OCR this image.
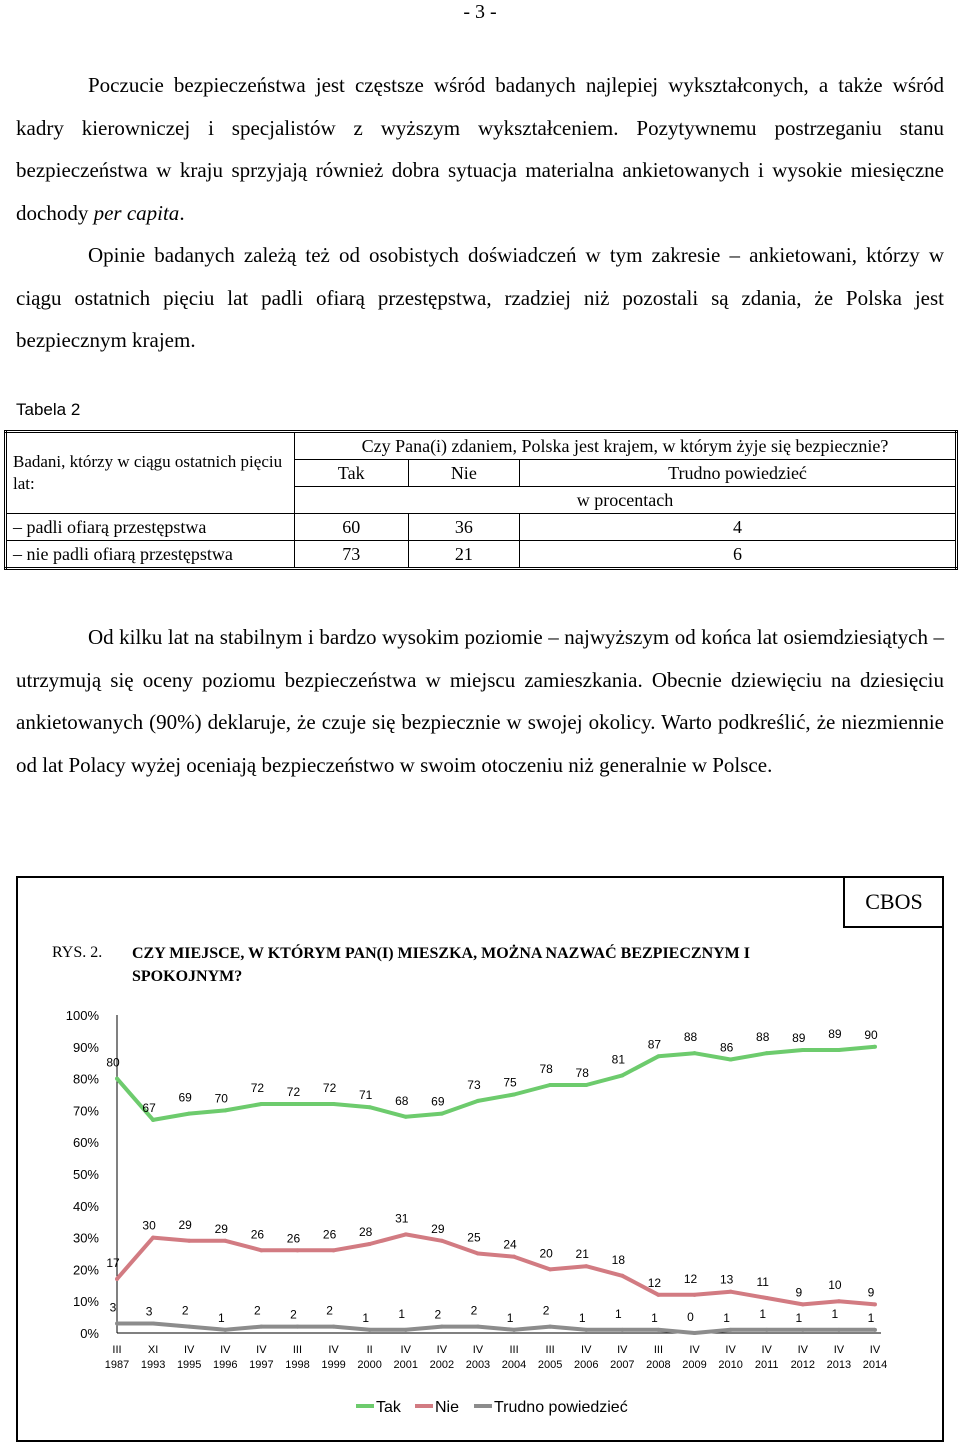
- 3 -

Poczucie bezpieczeństwa jest częstsze wśród badanych najlepiej wykształconych, a także wśród kadry kierowniczej i specjalistów z wyższym wykształceniem. Pozytywnemu postrzeganiu stanu bezpieczeństwa w kraju sprzyjają również dobra sytuacja materialna ankietowanych i wysokie miesięczne dochody per capita.

Opinie badanych zależą też od osobistych doświadczeń w tym zakresie – ankietowani, którzy w ciągu ostatnich pięciu lat padli ofiarą przestępstwa, rzadziej niż pozostali są zdania, że Polska jest bezpiecznym krajem.

Tabela 2
Badani, którzy w ciągu ostatnich pięciu lat:	Czy Pana(i) zdaniem, Polska jest krajem, w którym żyje się bezpiecznie?		
	Tak	Nie	Trudno powiedzieć
	w procentach		
– padli ofiarą przestępstwa	60	36	4
– nie padli ofiarą przestępstwa	73	21	6

Od kilku lat na stabilnym i bardzo wysokim poziomie – najwyższym od końca lat osiemdziesiątych – utrzymują się oceny poziomu bezpieczeństwa w miejscu zamieszkania. Obecnie dziewięciu na dziesięciu ankietowanych (90%) deklaruje, że czuje się bezpiecznie w swojej okolicy. Warto podkreślić, że niezmiennie od lat Polacy wyżej oceniają bezpieczeństwo w swoim otoczeniu niż generalnie w Polsce.

CBOS
RYS. 2. CZY MIEJSCE, W KTÓRYM PAN(I) MIESZKA, MOŻNA NAZWAĆ BEZPIECZNYM I SPOKOJNYM?
0%
10%
20%
30%
40%
50%
60%
70%
80%
90%
100%
III
1987
XI
1993
IV
1995
IV
1996
IV
1997
III
1998
IV
1999
II
2000
IV
2001
IV
2002
IV
2003
III
2004
III
2005
IV
2006
IV
2007
III
2008
IV
2009
IV
2010
IV
2011
IV
2012
IV
2013
IV
2014
80
67
69 70
72 72 72
71 68 69
73 75
78 78
81
87
88
86
88 89 89 90
17
30 29 29 26 26 26 28
31
29
25
24
20 21 18
12 12 13 11
9
10
9
3 3 2
1
2 2 2
1 1 2 2
1
2
1 1 1 0 1 1 1 1 1
Tak Nie Trudno powiedzieć
